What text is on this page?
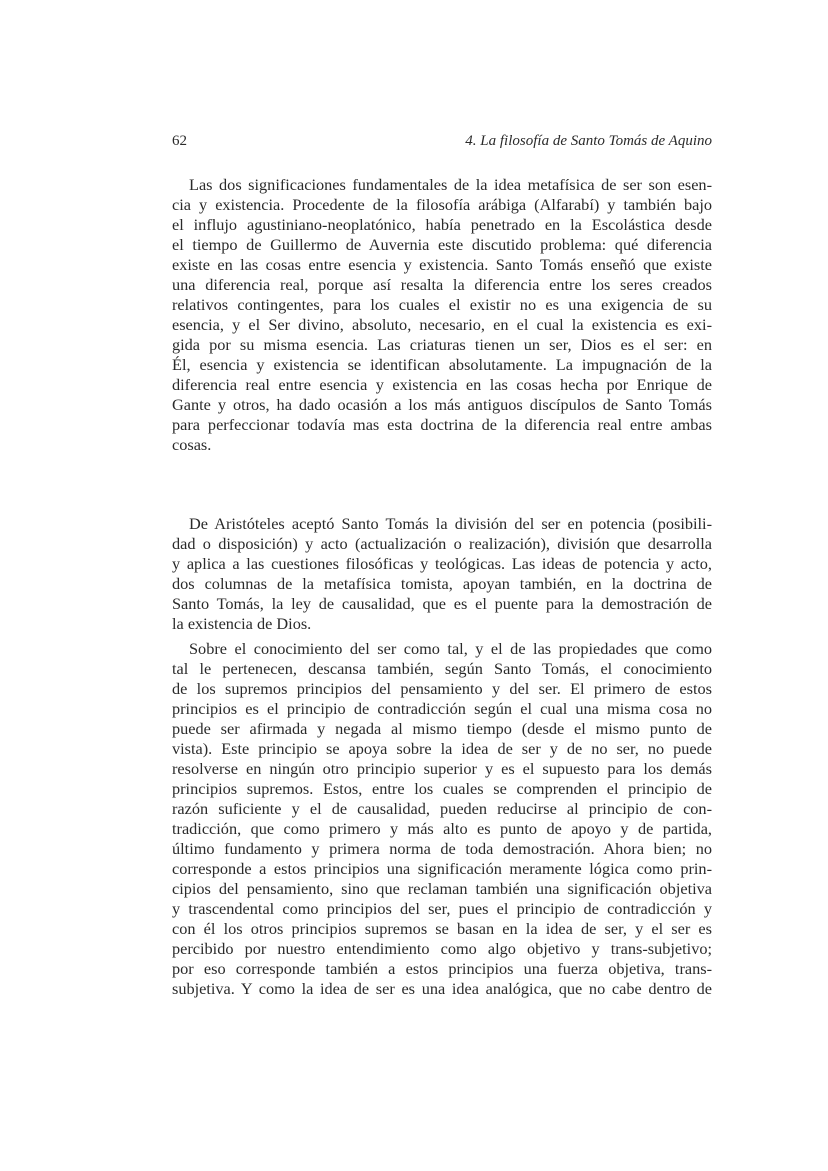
62	4. La filosofía de Santo Tomás de Aquino
Las dos significaciones fundamentales de la idea metafísica de ser son esen-
cia y existencia. Procedente de la filosofía arábiga (Alfarabí) y también bajo
el influjo agustiniano-neoplatónico, había penetrado en la Escolástica desde
el tiempo de Guillermo de Auvernia este discutido problema: qué diferencia
existe en las cosas entre esencia y existencia. Santo Tomás enseñó que existe
una diferencia real, porque así resalta la diferencia entre los seres creados
relativos contingentes, para los cuales el existir no es una exigencia de su
esencia, y el Ser divino, absoluto, necesario, en el cual la existencia es exi-
gida por su misma esencia. Las criaturas tienen un ser, Dios es el ser: en
Él, esencia y existencia se identifican absolutamente. La impugnación de la
diferencia real entre esencia y existencia en las cosas hecha por Enrique de
Gante y otros, ha dado ocasión a los más antiguos discípulos de Santo Tomás
para perfeccionar todavía mas esta doctrina de la diferencia real entre ambas
cosas.
De Aristóteles aceptó Santo Tomás la división del ser en potencia (posibili-
dad o disposición) y acto (actualización o realización), división que desarrolla
y aplica a las cuestiones filosóficas y teológicas. Las ideas de potencia y acto,
dos columnas de la metafísica tomista, apoyan también, en la doctrina de
Santo Tomás, la ley de causalidad, que es el puente para la demostración de
la existencia de Dios.
Sobre el conocimiento del ser como tal, y el de las propiedades que como
tal le pertenecen, descansa también, según Santo Tomás, el conocimiento
de los supremos principios del pensamiento y del ser. El primero de estos
principios es el principio de contradicción según el cual una misma cosa no
puede ser afirmada y negada al mismo tiempo (desde el mismo punto de
vista). Este principio se apoya sobre la idea de ser y de no ser, no puede
resolverse en ningún otro principio superior y es el supuesto para los demás
principios supremos. Estos, entre los cuales se comprenden el principio de
razón suficiente y el de causalidad, pueden reducirse al principio de con-
tradicción, que como primero y más alto es punto de apoyo y de partida,
último fundamento y primera norma de toda demostración. Ahora bien; no
corresponde a estos principios una significación meramente lógica como prin-
cipios del pensamiento, sino que reclaman también una significación objetiva
y trascendental como principios del ser, pues el principio de contradicción y
con él los otros principios supremos se basan en la idea de ser, y el ser es
percibido por nuestro entendimiento como algo objetivo y trans-subjetivo;
por eso corresponde también a estos principios una fuerza objetiva, trans-
subjetiva. Y como la idea de ser es una idea analógica, que no cabe dentro de
